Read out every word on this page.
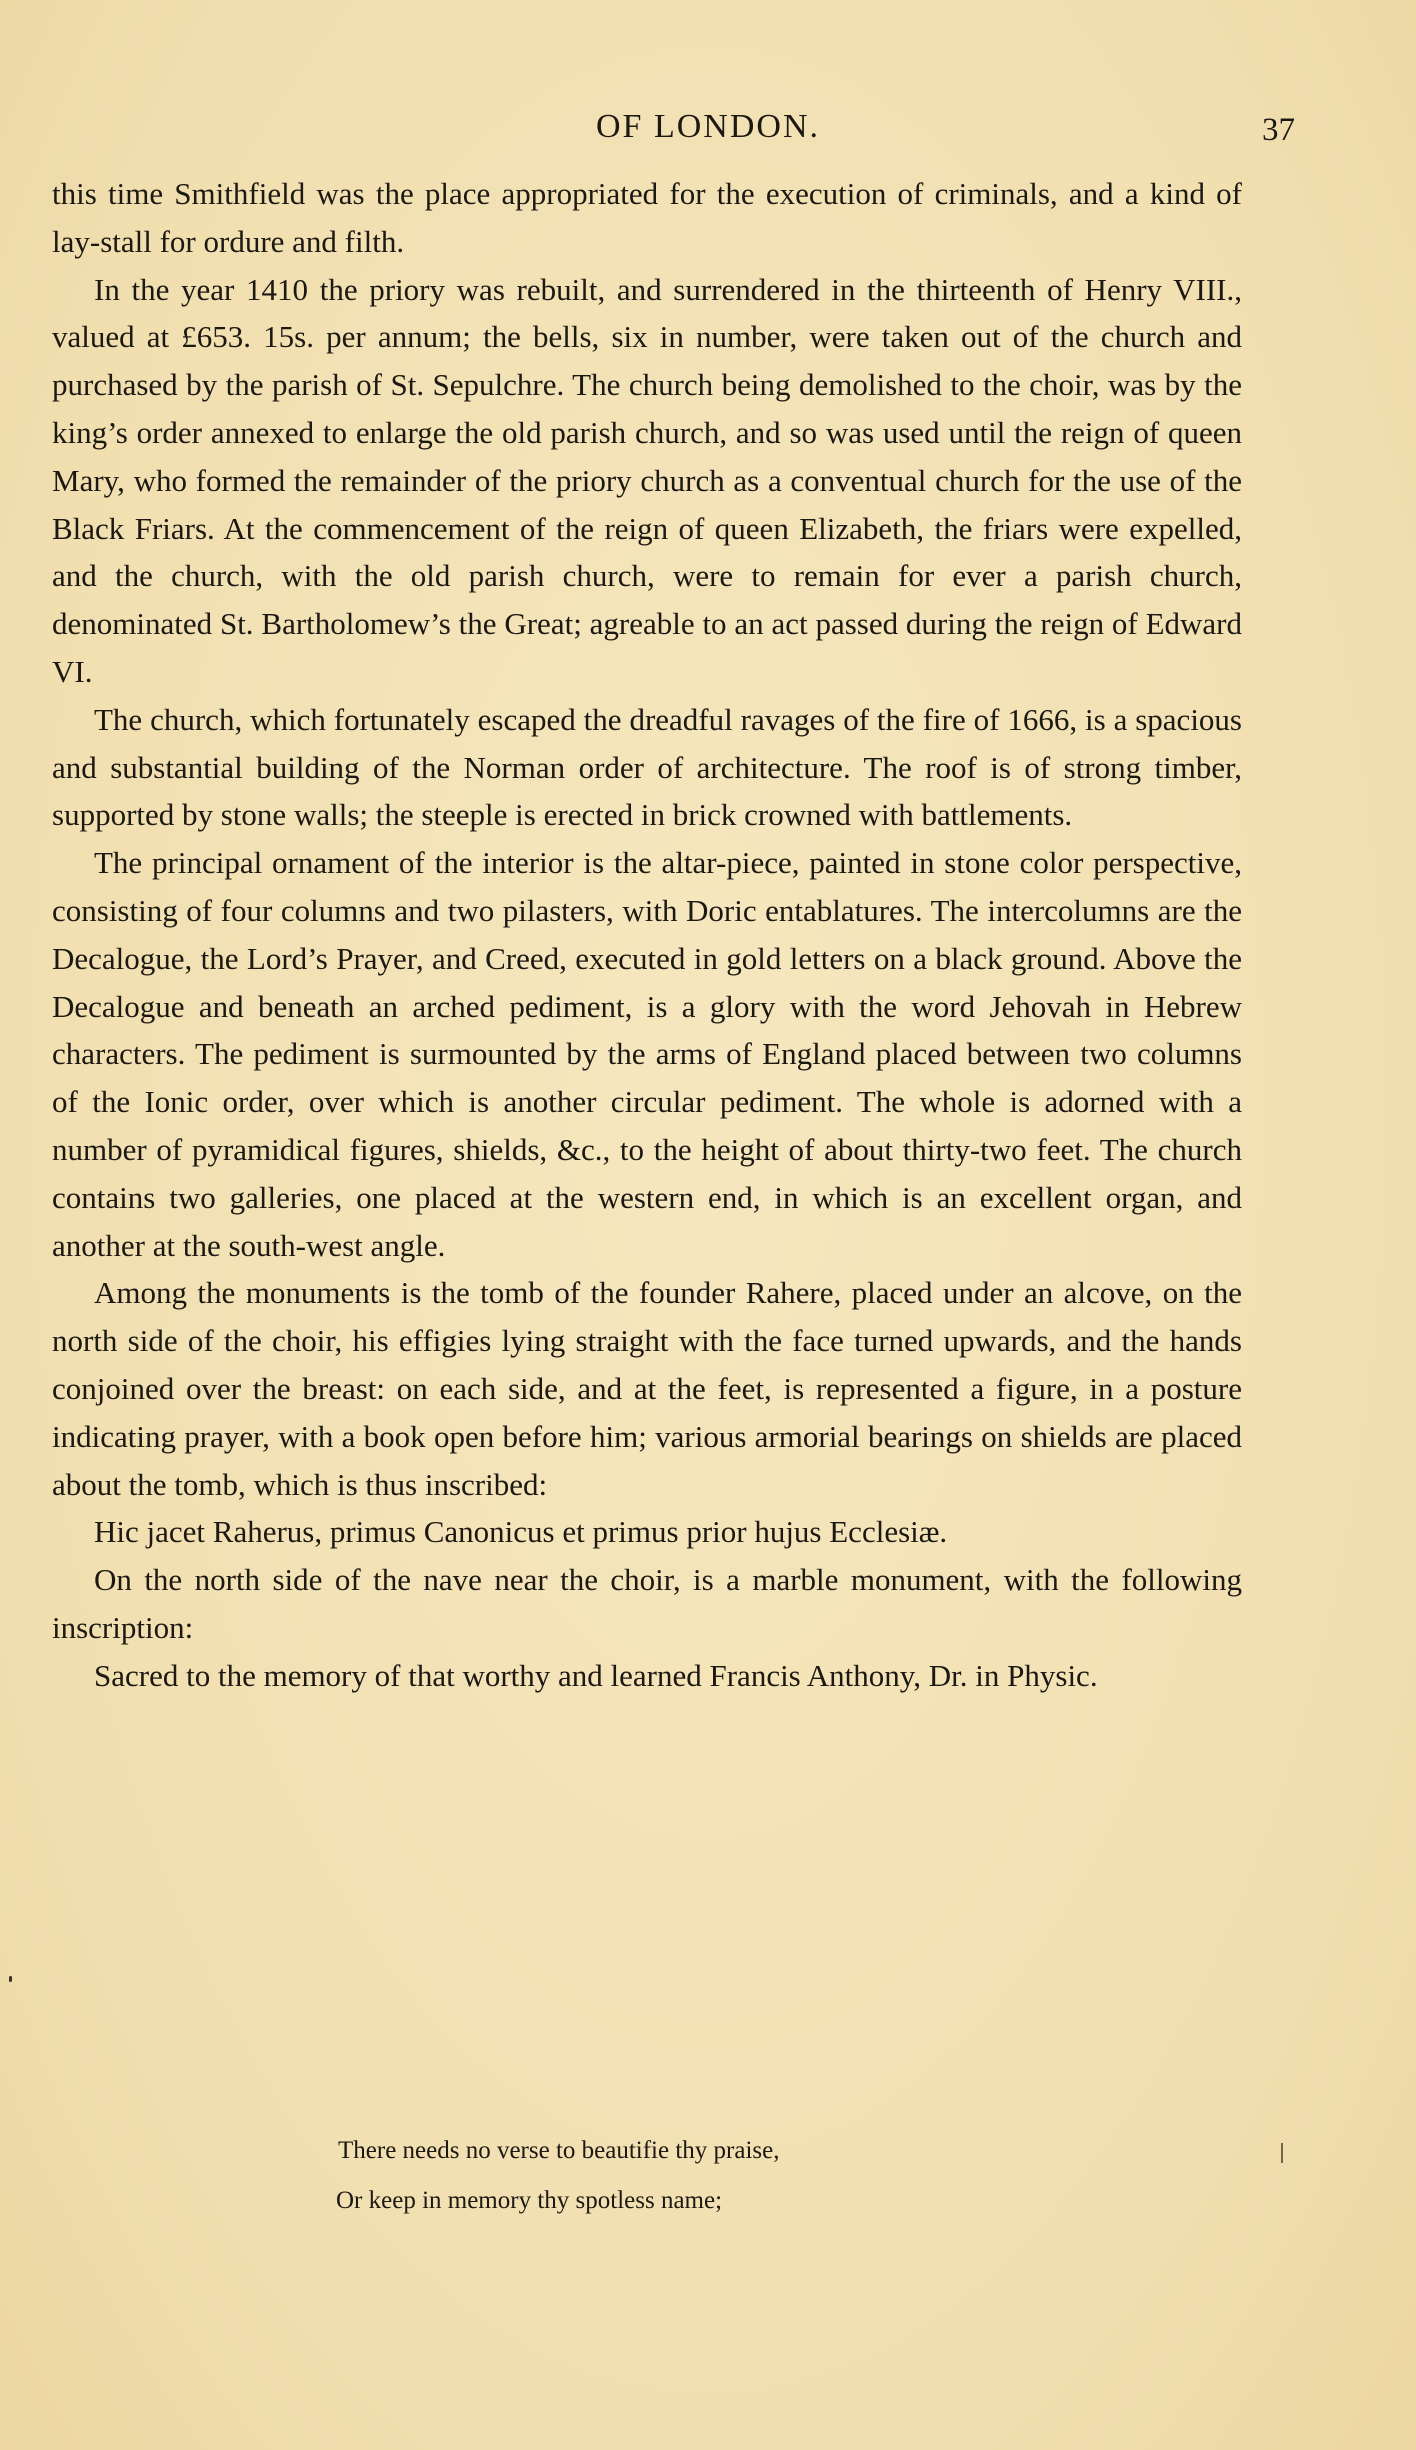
OF LONDON.	37

this time Smithfield was the place appropriated for the execution of criminals, and a kind of lay-stall for ordure and filth.

In the year 1410 the priory was rebuilt, and surrendered in the thirteenth of Henry VIII., valued at £653. 15s. per annum; the bells, six in number, were taken out of the church and purchased by the parish of St. Sepulchre. The church being demolished to the choir, was by the king’s order annexed to enlarge the old parish church, and so was used until the reign of queen Mary, who formed the remainder of the priory church as a conventual church for the use of the Black Friars. At the commencement of the reign of queen Elizabeth, the friars were expelled, and the church, with the old parish church, were to remain for ever a parish church, denominated St. Bartholomew’s the Great; agreable to an act passed during the reign of Edward VI.

The church, which fortunately escaped the dreadful ravages of the fire of 1666, is a spacious and substantial building of the Norman order of architecture. The roof is of strong timber, supported by stone walls; the steeple is erected in brick crowned with battlements.

The principal ornament of the interior is the altar-piece, painted in stone color perspective, consisting of four columns and two pilasters, with Doric entablatures. The intercolumns are the Decalogue, the Lord’s Prayer, and Creed, executed in gold letters on a black ground. Above the Decalogue and beneath an arched pediment, is a glory with the word Jehovah in Hebrew characters. The pediment is surmounted by the arms of England placed between two columns of the Ionic order, over which is another circular pediment. The whole is adorned with a number of pyramidical figures, shields, &c., to the height of about thirty-two feet. The church contains two galleries, one placed at the western end, in which is an excellent organ, and another at the south-west angle.

Among the monuments is the tomb of the founder Rahere, placed under an alcove, on the north side of the choir, his effigies lying straight with the face turned upwards, and the hands conjoined over the breast: on each side, and at the feet, is represented a figure, in a posture indicating prayer, with a book open before him; various armorial bearings on shields are placed about the tomb, which is thus inscribed:

Hic jacet Raherus, primus Canonicus et primus prior hujus Ecclesiæ.

On the north side of the nave near the choir, is a marble monument, with the following inscription:

Sacred to the memory of that worthy and learned Francis Anthony, Dr. in Physic.

There needs no verse to beautifie thy praise,
Or keep in memory thy spotless name;
